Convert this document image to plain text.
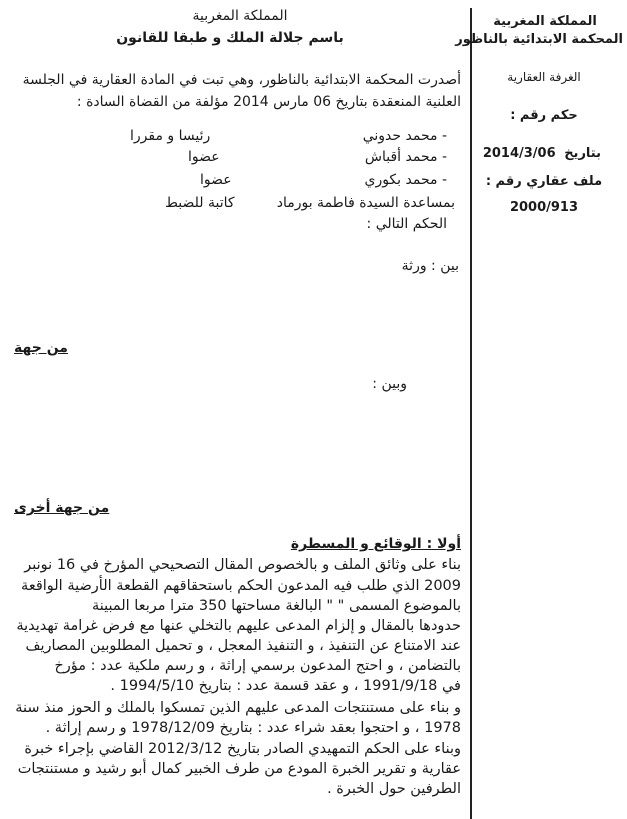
المملكة المغربية
المحكمة الابتدائية بالناظور
الغرفة العقارية
حكم رقم :
بتاريخ 2014/3/06
ملف عقاري رقم :
2000/913
المملكة المغربية
باسم جلالة الملك و طبقا للقانون
أصدرت المحكمة الابتدائية بالناظور، وهي تبت في المادة العقارية في الجلسة
العلنية المنعقدة بتاريخ 06 مارس 2014 مؤلفة من القضاة السادة :
- محمد حدوني
رئيسا و مقررا
- محمد أقباش
عضوا
- محمد بكوري
عضوا
بمساعدة السيدة فاطمة بورماد
كاتبة للضبط
الحكم التالي :
بين : ورثة
من جهة
وبين :
من جهة أخرى
أولا : الوقائع و المسطرة
بناء على وثائق الملف و بالخصوص المقال التصحيحي المؤرخ في 16 نونبر
2009 الذي طلب فيه المدعون الحكم باستحقاقهم القطعة الأرضية الواقعة
بالموضوع المسمى " " البالغة مساحتها 350 مترا مربعا المبينة
حدودها بالمقال و إلزام المدعى عليهم بالتخلي عنها مع فرض غرامة تهديدية
عند الامتناع عن التنفيذ ، و التنفيذ المعجل ، و تحميل المطلوبين المصاريف
بالتضامن ، و احتج المدعون برسمي إراثة ، و رسم ملكية عدد : مؤرخ
في 1991/9/18 ، و عقد قسمة عدد : بتاريخ 1994/5/10 .
و بناء على مستنتجات المدعى عليهم الذين تمسكوا بالملك و الحوز منذ سنة
1978 ، و احتجوا بعقد شراء عدد : بتاريخ 1978/12/09 و رسم إراثة .
وبناء على الحكم التمهيدي الصادر بتاريخ 2012/3/12 القاضي بإجراء خبرة
عقارية و تقرير الخبرة المودع من طرف الخبير كمال أبو رشيد و مستنتجات
الطرفين حول الخبرة .
